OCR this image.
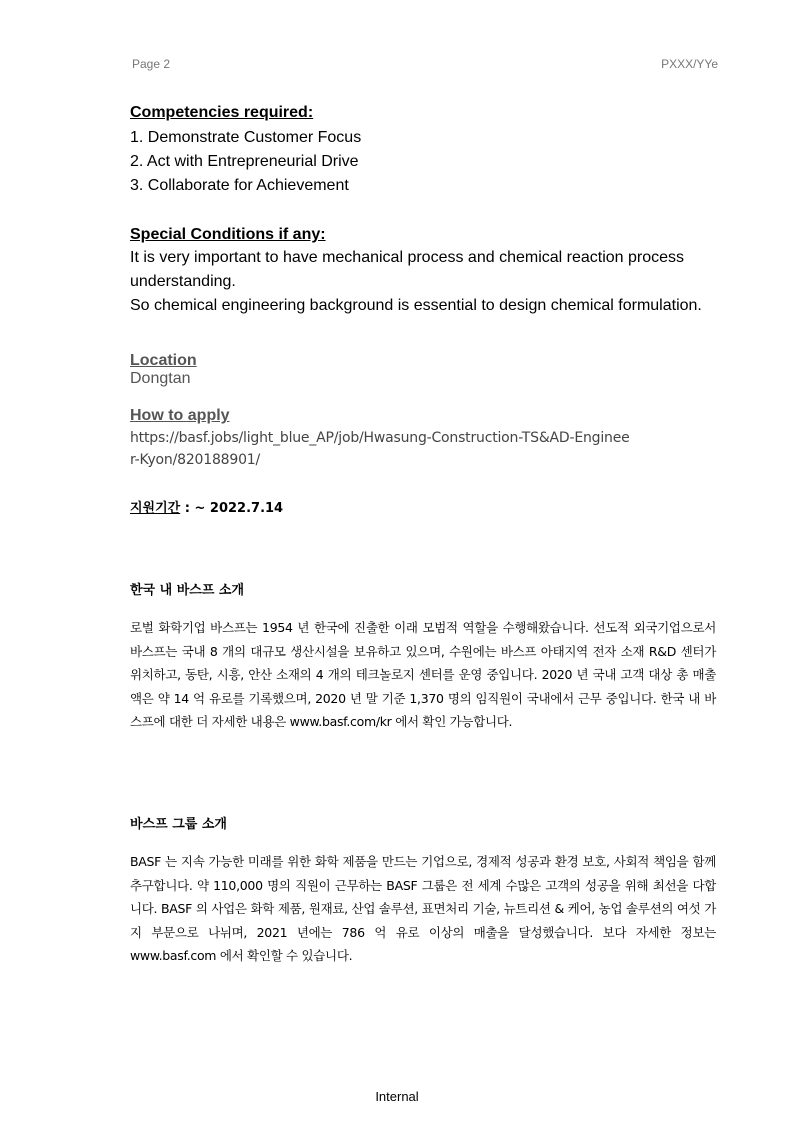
Page 2	PXXX/YYe
Competencies required:
1. Demonstrate Customer Focus
2. Act with Entrepreneurial Drive
3. Collaborate for Achievement
Special Conditions if any:
It is very important to have mechanical process and chemical reaction process
understanding.
So chemical engineering background is essential to design chemical formulation.
Location
Dongtan
How to apply
https://basf.jobs/light_blue_AP/job/Hwasung-Construction-TS&AD-Engineer-Kyon/820188901/
지원기간 : ~ 2022.7.14
한국 내 바스프 소개
로벌 화학기업 바스프는 1954 년 한국에 진출한 이래 모범적 역할을 수행해왔습니다. 선도적 외국기업으로서 바스프는 국내 8 개의 대규모 생산시설을 보유하고 있으며, 수원에는 바스프 아태지역 전자 소재 R&D 센터가 위치하고, 동탄, 시흥, 안산 소재의 4 개의 테크놀로지 센터를 운영 중입니다. 2020 년 국내 고객 대상 총 매출액은 약 14 억 유로를 기록했으며, 2020 년 말 기준 1,370 명의 임직원이 국내에서 근무 중입니다. 한국 내 바스프에 대한 더 자세한 내용은 www.basf.com/kr 에서 확인 가능합니다.
바스프 그룹 소개
BASF 는 지속 가능한 미래를 위한 화학 제품을 만드는 기업으로, 경제적 성공과 환경 보호, 사회적 책임을 함께 추구합니다. 약 110,000 명의 직원이 근무하는 BASF 그룹은 전 세계 수많은 고객의 성공을 위해 최선을 다합니다. BASF 의 사업은 화학 제품, 원재료, 산업 솔루션, 표면처리 기술, 뉴트리션 & 케어, 농업 솔루션의 여섯 가지 부문으로 나뉘며, 2021 년에는 786 억 유로 이상의 매출을 달성했습니다. 보다 자세한 정보는 www.basf.com 에서 확인할 수 있습니다.
Internal
